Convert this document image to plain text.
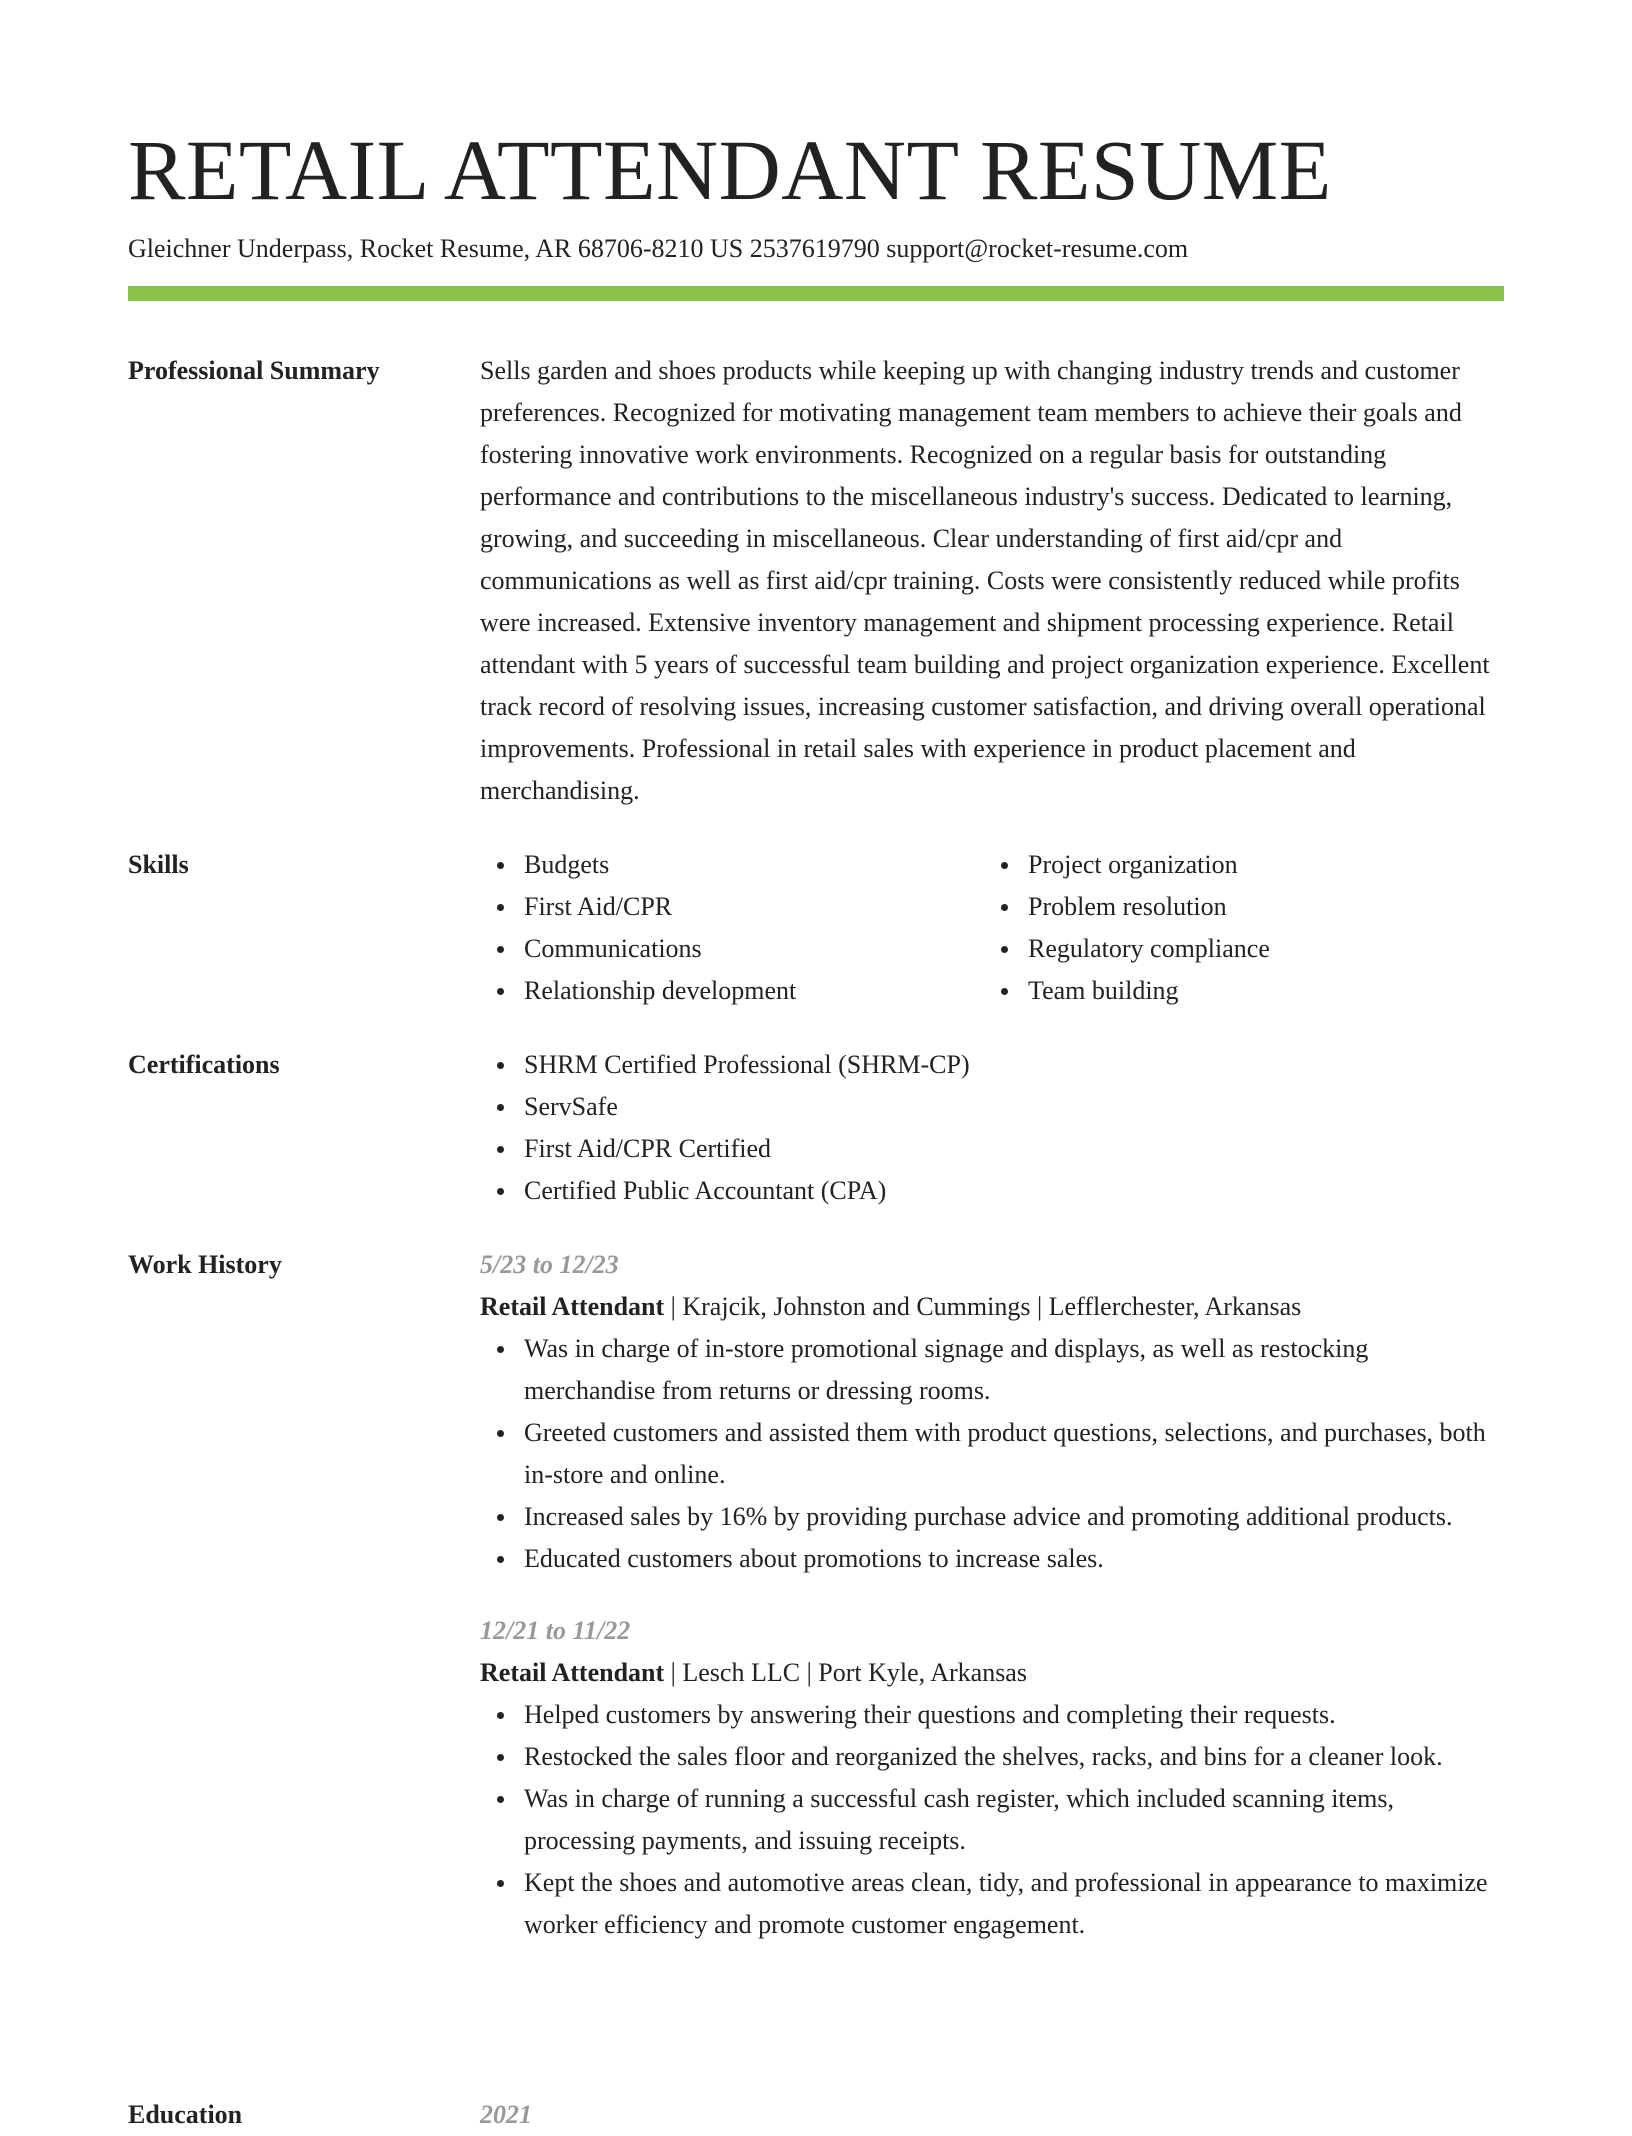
RETAIL ATTENDANT RESUME
Gleichner Underpass, Rocket Resume, AR 68706-8210 US 2537619790 support@rocket-resume.com
Professional Summary	Sells garden and shoes products while keeping up with changing industry trends and customer preferences. Recognized for motivating management team members to achieve their goals and fostering innovative work environments. Recognized on a regular basis for outstanding performance and contributions to the miscellaneous industry's success. Dedicated to learning, growing, and succeeding in miscellaneous. Clear understanding of first aid/cpr and communications as well as first aid/cpr training. Costs were consistently reduced while profits were increased. Extensive inventory management and shipment processing experience. Retail attendant with 5 years of successful team building and project organization experience. Excellent track record of resolving issues, increasing customer satisfaction, and driving overall operational improvements. Professional in retail sales with experience in product placement and merchandising.

Skills	Budgets
First Aid/CPR
Communications
Relationship development
Project organization
Problem resolution
Regulatory compliance
Team building
Certifications	SHRM Certified Professional (SHRM-CP)
ServSafe
First Aid/CPR Certified
Certified Public Accountant (CPA)
Work History	5/23 to 12/23
Retail Attendant | Krajcik, Johnston and Cummings | Lefflerchester, Arkansas
Was in charge of in-store promotional signage and displays, as well as restocking merchandise from returns or dressing rooms.
Greeted customers and assisted them with product questions, selections, and purchases, both in-store and online.
Increased sales by 16% by providing purchase advice and promoting additional products.
Educated customers about promotions to increase sales.
12/21 to 11/22
Retail Attendant | Lesch LLC | Port Kyle, Arkansas
Helped customers by answering their questions and completing their requests.
Restocked the sales floor and reorganized the shelves, racks, and bins for a cleaner look.
Was in charge of running a successful cash register, which included scanning items, processing payments, and issuing receipts.
Kept the shoes and automotive areas clean, tidy, and professional in appearance to maximize worker efficiency and promote customer engagement.
Education	2021
